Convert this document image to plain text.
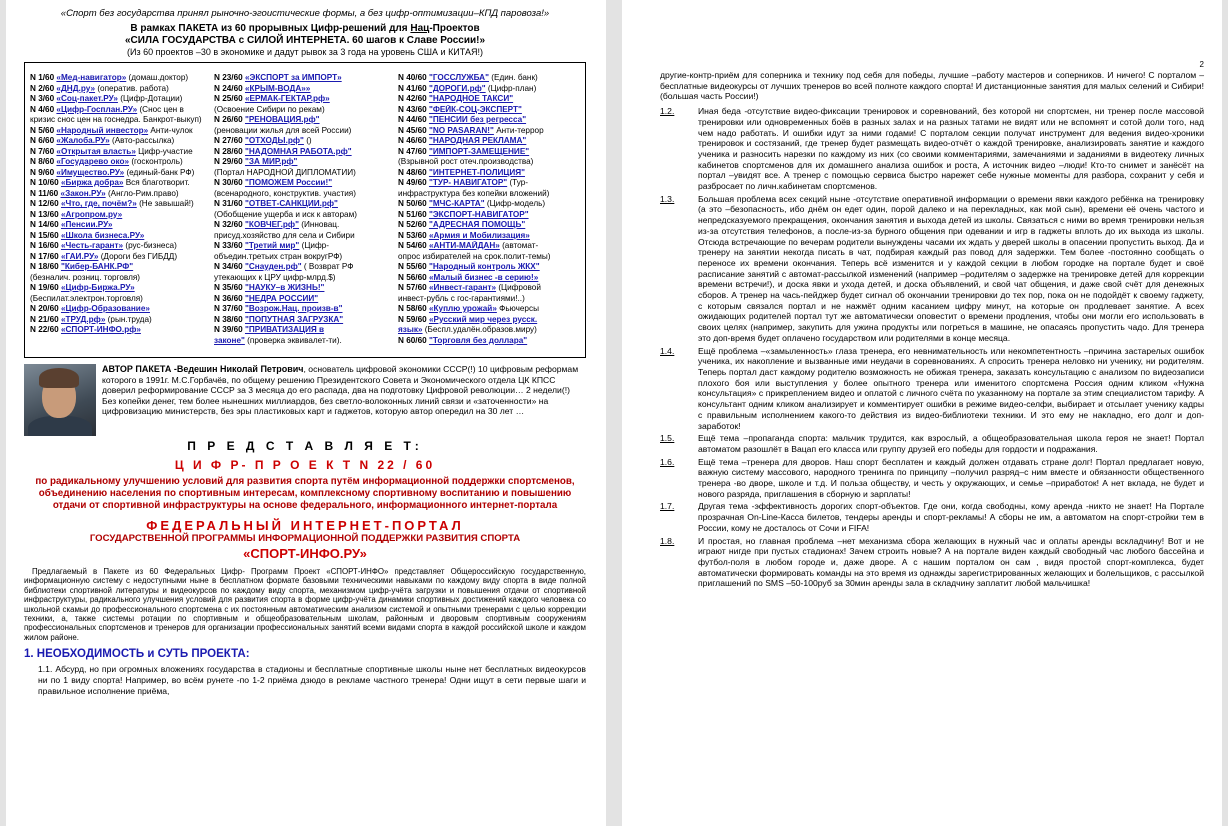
«Спорт без государства принял рыночно-эгоистические формы, а без цифр-оптимизации–КПД паровоза!»
В рамках ПАКЕТА из 60 прорывных Цифр-решений для Нац-Проектов
«СИЛА ГОСУДАРСТВА с СИЛОЙ ИНТЕРНЕТА. 60 шагов к Славе России!»
(Из 60 проектов –30 в экономике и дадут рывок за 3 года на уровень США и КИТАЯ!)
N 1/60 «Мед-навигатор» (домаш.доктор)
N 2/60 «ДНД.ру» (оператив. работа)
N 3/60 «Соц-пакет.РУ» (Цифр-Дотации)
N 4/60 «Цифр-Госплан.РУ» (Снос цен в
кризис снос цен на госнедра. Банкрот-выкуп)
N 5/60 «Народный инвестор» Анти-чулок
N 6/60 «Жалоба.РУ» (Авто-рассылка)
N 7/60 «Открытая власть» Цифр-участие
N 8/60 «Государево око» (госконтроль)
N 9/60 «Имущество.РУ» (единый-банк РФ)
N 10/60 «Биржа добра» Вся благотворит.
N 11/60 «Закон.РУ» (Англо-Рим.право)
N 12/60 «Что, где, почём?» (Не завышай!)
N 13/60 «Агропром.ру»
N 14/60 «Пенсии.РУ»
N 15/60 «Школа бизнеса.РУ»
N 16/60 «Честь-гарант» (рус-бизнеса)
N 17/60 «ГАИ.РУ» (Дороги без ГИБДД)
N 18/60 "Кибер-БАНК.РФ"
(безналич. розниц. торговля)
N 19/60 «Цифр-Биржа.РУ»
(Беспилат.электрон.торговля)
N 20/60 «Цифр-Образование»
N 21/60 «ТРУД.рф» (рын.труда)
N 22/60 «СПОРТ-ИНФО.рф»
N 23/60 «ЭКСПОРТ за ИМПОРТ»
N 24/60 «КРЫМ-ВОДА»»
N 25/60 «ЕРМАК-ГЕКТАР.рф»
(Освоение Сибири по рекам)
N 26/60 "РЕНОВАЦИЯ.рф"
(реновации жилья для всей России)
N 27/60 "ОТХОДЫ.рф" ()
N 28/60 "НАДОМНАЯ РАБОТА.рф"
N 29/60 "ЗА МИР.рф"
(Портал НАРОДНОЙ ДИПЛОМАТИИ)
N 30/60 "ПОМОЖЕМ России!"
(всенародного, конструктив. участия)
N 31/60 "ОТВЕТ-САНКЦИИ.рф"
(Обобщение ущерба и иск к авторам)
N 32/60 "КОВЧЕГ.рф" (Инновац.
присуд.хозяйство для села и Сибири
N 33/60 "Третий мир" (Цифр-
объедин.третьих стран вокругРФ)
N 34/60 "Снауден.рф" ( Возврат РФ
утекающих к ЦРУ цифр-млрд.$)
N 35/60 "НАУКУ–в ЖИЗНЬ!"
N 36/60 "НЕДРА РОССИИ"
N 37/60 "Возрож.Нац. произв-в"
N 38/60 "ПОПУТНАЯ ЗАГРУЗКА"
N 39/60 "ПРИВАТИЗАЦИЯ в
законе" (проверка эквивалет-ти).
N 40/60 "ГОССЛУЖБА" (Един. банк)
N 41/60 "ДОРОГИ.рф" (Цифр-план)
N 42/60 "НАРОДНОЕ ТАКСИ"
N 43/60 "ФЕЙК-СОЦ-ЭКСПЕРТ"
N 44/60 "ПЕНСИИ без регресса"
N 45/60 "NO PASARAN!" Анти-террор
N 46/60 "НАРОДНАЯ РЕКЛАМА"
N 47/60 "ИМПОРТ-ЗАМЕЩЕНИЕ"
(Взрывной рост отеч.производства)
N 48/60 "ИНТЕРНЕТ-ПОЛИЦИЯ"
N 49/60 "ТУР- НАВИГАТОР" (Тур-
инфраструктура без копейки вложений)
N 50/60 "МЧС-КАРТА" (Цифр-модель)
N 51/60 "ЭКСПОРТ-НАВИГАТОР"
N 52/60 "АДРЕСНАЯ ПОМОЩЬ"
N 53/60 «Армия и Мобилизация»
N 54/60 «АНТИ-МАЙДАН» (автомат-
опрос избирателей на срок.полит-темы)
N 55/60 "Народный контроль ЖКХ"
N 56/60 «Малый бизнес -в серию!»
N 57/60 «Инвест-гарант» (Цифровой
инвест-рубль с гос-гарантиями!..)
N 58/60 «Куплю урожай» Фьючерсы
N 59/60 «Русский мир через русск.
язык» (Беспл.удалён.образов.миру)
N 60/60 "Торговля без доллара"
АВТОР ПАКЕТА -Ведешин Николай Петрович, основатель цифровой экономики СССР(!) 10 цифровым реформам которого в 1991г. М.С.Горбачёв, по общему решению Президентского Совета и Экономического отдела ЦК КПСС доверил реформирование СССР за 3 месяца до его распада, два на подготовку Цифровой революции… 2 недели(!) Без копейки денег, тем более нынешних миллиардов, без светло-волоконных линий связи и «заточенности» на цифровизацию министерств, без эры пластиковых карт и гаджетов, которую автор опередил на 30 лет …
П Р Е Д С Т А В Л Я Е Т:
Ц И Ф Р- П Р О Е К Т N 22 / 60
по радикальному улучшению условий для развития спорта путём информационной поддержки спортсменов, объединению населения по спортивным интересам, комплексному спортивному воспитанию и повышению отдачи от спортивной инфраструктуры на основе федерального, информационного интернет-портала
ФЕДЕРАЛЬНЫЙ ИНТЕРНЕТ-ПОРТАЛ
ГОСУДАРСТВЕННОЙ ПРОГРАММЫ ИНФОРМАЦИОННОЙ ПОДДЕРЖКИ РАЗВИТИЯ СПОРТА
«СПОРТ-ИНФО.РУ»
Предлагаемый в Пакете из 60 Федеральных Цифр- Программ Проект «СПОРТ-ИНФО» представляет Общероссийскую государственную, информационную систему с недоступными ныне в бесплатном формате базовыми техническими навыками по каждому виду спорта в виде полной библиотеки спортивной литературы и видеокурсов по каждому виду спорта, механизмом цифр-учёта загрузки и повышения отдачи от спортивной инфраструктуры, радикального улучшения условий для развития спорта в форме цифр-учёта динамики спортивных достижений каждого человека со школьной скамьи до профессионального спортсмена с их постоянным автоматическим анализом системой и опытными тренерами с целью коррекции техники, а, также системы ротации по спортивным и общеобразовательным школам, районным и дворовым спортивным сооружениям профессиональных спортсменов и тренеров для организации профессиональных занятий всеми видами спорта в каждой российской школе и каждом жилом районе.
1. НЕОБХОДИМОСТЬ и СУТЬ ПРОЕКТА:
1.1. Абсурд, но при огромных вложениях государства в стадионы и бесплатные спортивные школы ныне нет бесплатных видеокурсов ни по 1 виду спорта! Например, во всём рунете -по 1-2 приёма дзюдо в рекламе частного тренера! Одни ищут в сети первые шаги и правильное исполнение приёма,
2
другие-контр-приём для соперника и технику под себя для победы, лучшие –работу мастеров и соперников. И ничего! С порталом –бесплатные видеокурсы от лучших тренеров во всей полноте каждого спорта! И дистанционные занятия для малых селений и Сибири! (большая часть России!)
1.2.	Иная беда -отсутствие видео-фиксации тренировок и соревнований, без которой ни спортсмен, ни тренер после массовой тренировки или одновременных боёв в разных залах и на разных татами не видят или не вспомнят и сотой доли того, над чем надо работать. И ошибки идут за ними годами! С порталом секции получат инструмент для ведения видео-хроники тренировок и состязаний, где тренер будет размещать видео-отчёт о каждой тренировке, анализировать занятие и каждого ученика и разносить нарезки по каждому из них (со своими комментариями, замечаниями и заданиями в видеотеку личных кабинетов спортсменов для их домашнего анализа ошибок и роста, А источник видео –люди! Кто-то снимет и занёсёт на портал –увидят все. А тренер с помощью сервиса быстро нарежет себе нужные моменты для разбора, сохранит у себя и разбросает по личн.кабинетам спортсменов.
1.3.	Большая проблема всех секций ныне -отсутствие оперативной информации о времени явки каждого ребёнка на тренировку (а это –безопасность, ибо днём он едет один, порой далеко и на перекладных, как мой сын), времени её очень частого и непредсказуемого прекращения, окончания занятия и выхода детей из школы. Связаться с ними во время тренировки нельзя из-за отсутствия телефонов, а после-из-за бурного общения при одевании и игр в гаджеты вплоть до их выхода из школы. Отсюда встречающие по вечерам родители вынуждены часами их ждать у дверей школы в опасении пропустить выход. Да и тренеру на занятии некогда писать в чат, подбирая каждый раз повод для задержки. Тем более -постоянно сообщать о переносе их времени окончания. Теперь всё изменится и у каждой секции в любом городке на портале будет и своё расписание занятий с автомат-рассылкой изменений (например –родителям о задержке на тренировке детей для коррекции времени встречи!), и доска явки и ухода детей, и доска объявлений, и свой чат общения, и даже свой счёт для денежных сборов. А тренер на чась-пейджер будет сигнал об окончании тренировки до тех пор, пока он не подойдёт к своему гаджету, с которым связался портал и не нажмёт одним касанием цифру минут, на которые он продлевает занятие. А всех ожидающих родителей портал тут же автоматически оповестит о времени продления, чтобы они могли его использовать в своих целях (например, закупить для ужина продукты или погреться в машине, не опасаясь пропустить чадо. Для тренера это доп-время будет оплачено государством или родителями в конце месяца.
1.4.	Ещё проблема –«замыленность» глаза тренера, его невнимательность или некомпетентность –причина застарелых ошибок ученика, их накопление и вызванные ими неудачи в соревнованиях. А спросить тренера неловко ни ученику, ни родителям. Теперь портал даст каждому родителю возможность не обижая тренера, заказать консультацию с анализом по видеозаписи плохого боя или выступления у более опытного тренера или именитого спортсмена Россия одним кликом «Нужна консультация» с прикреплением видео и оплатой с личного счёта по указанному на портале за этим специалистом тарифу. А консультант одним кликом анализирует и комментирует ошибки в режиме видео-селфи, выбирает и отсылает ученику кадры с правильным исполнением какого-то действия из видео-библиотеки техники. И это ему не накладно, его долг и доп-заработок!
1.5.	Ещё тема –пропаганда спорта: мальчик трудится, как взрослый, а общеобразовательная школа героя не знает! Портал автоматом разошлёт в Вацап его класса или группу друзей его победы для гордости и подражания.
1.6.	Ещё тема –тренера для дворов. Наш спорт бесплатен и каждый должен отдавать стране долг! Портал предлагает новую, важную систему массового, народного тренинга по принципу –получил разряд–с ним вместе и обязанности общественного тренера -во дворе, школе и т.д. И польза обществу, и честь у окружающих, и семье –приработок! А нет вклада, не будет и нового разряда, приглашения в сборную и зарплаты!
1.7.	Другая тема -эффективность дорогих спорт-объектов. Где они, когда свободны, кому аренда -никто не знает! На Портале прозрачная On-Line-Касса билетов, тендеры аренды и спорт-рекламы! А сборы не им, а автоматом на спорт-стройки тем в России, кому не досталось от Сочи и FIFA!
1.8.	И простая, но главная проблема –нет механизма сбора желающих в нужный час и оплаты аренды вскладчину! Вот и не играют нигде при пустых стадионах! Зачем строить новые? А на портале виден каждый свободный час любого бассейна и футбол-поля в любом городе и, даже дворе. А с нашим порталом он сам , видя простой спорт-комплекса, будет автоматически формировать команды на это время из однажды зарегистрированных желающих и болельщиков, с рассылкой приглашений по SMS –50-100руб за 30мин аренды зала в складчину заплатит любой мальчишка!
